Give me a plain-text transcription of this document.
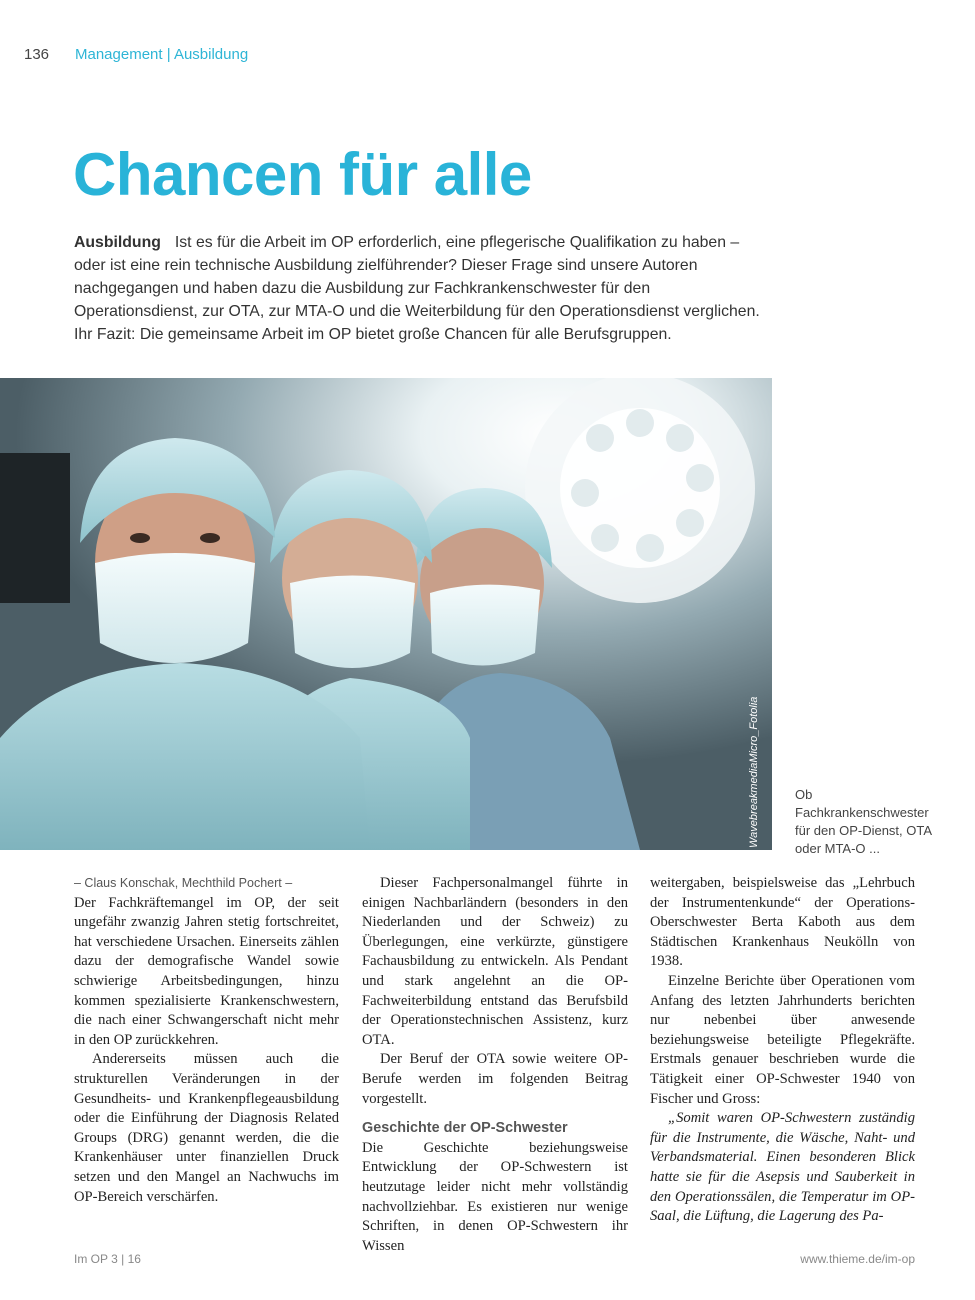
136 Management | Ausbildung
Chancen für alle

Ausbildung Ist es für die Arbeit im OP erforderlich, eine pflegerische Qualifikation zu haben – oder ist eine rein technische Ausbildung zielführender? Dieser Frage sind unsere Autoren nachgegangen und haben dazu die Ausbildung zur Fachkrankenschwester für den Operationsdienst, zur OTA, zur MTA-O und die Weiterbildung für den Operationsdienst verglichen. Ihr Fazit: Die gemeinsame Arbeit im OP bietet große Chancen für alle Berufsgruppen.

WavebreakmediaMicro_Fotolia	Ob Fachkrankenschwester für den OP-Dienst, OTA oder MTA-O ...

– Claus Konschak, Mechthild Pochert –

Der Fachkräftemangel im OP, der seit ungefähr zwanzig Jahren stetig fortschreitet, hat verschiedene Ursachen. Einerseits zählen dazu der demografische Wandel sowie schwierige Arbeitsbedingungen, hinzu kommen spezialisierte Krankenschwestern, die nach einer Schwangerschaft nicht mehr in den OP zurückkehren.

Andererseits müssen auch die strukturellen Veränderungen in der Gesundheits- und Krankenpflegeausbildung oder die Einführung der Diagnosis Related Groups (DRG) genannt werden, die die Krankenhäuser unter finanziellen Druck setzen und den Mangel an Nachwuchs im OP-Bereich verschärfen.

Dieser Fachpersonalmangel führte in einigen Nachbarländern (besonders in den Niederlanden und der Schweiz) zu Überlegungen, eine verkürzte, günstigere Fachausbildung zu entwickeln. Als Pendant und stark angelehnt an die OP-Fachweiterbildung entstand das Berufsbild der Operationstechnischen Assistenz, kurz OTA.

Der Beruf der OTA sowie weitere OP-Berufe werden im folgenden Beitrag vorgestellt.

Geschichte der OP-Schwester

Die Geschichte beziehungsweise Entwicklung der OP-Schwestern ist heutzutage leider nicht mehr vollständig nachvollziehbar. Es existieren nur wenige Schriften, in denen OP-Schwestern ihr Wissen

weitergaben, beispielsweise das „Lehrbuch der Instrumentenkunde“ der Operations-Oberschwester Berta Kaboth aus dem Städtischen Krankenhaus Neukölln von 1938.

Einzelne Berichte über Operationen vom Anfang des letzten Jahrhunderts berichten nur nebenbei über anwesende beziehungsweise beteiligte Pflegekräfte. Erstmals genauer beschrieben wurde die Tätigkeit einer OP-Schwester 1940 von Fischer und Gross:

„Somit waren OP-Schwestern zuständig für die Instrumente, die Wäsche, Naht- und Verbandsmaterial. Einen besonderen Blick hatte sie für die Asepsis und Sauberkeit in den Operationssälen, die Temperatur im OP-Saal, die Lüftung, die Lagerung des Pa-

Im OP 3 | 16	www.thieme.de/im-op
